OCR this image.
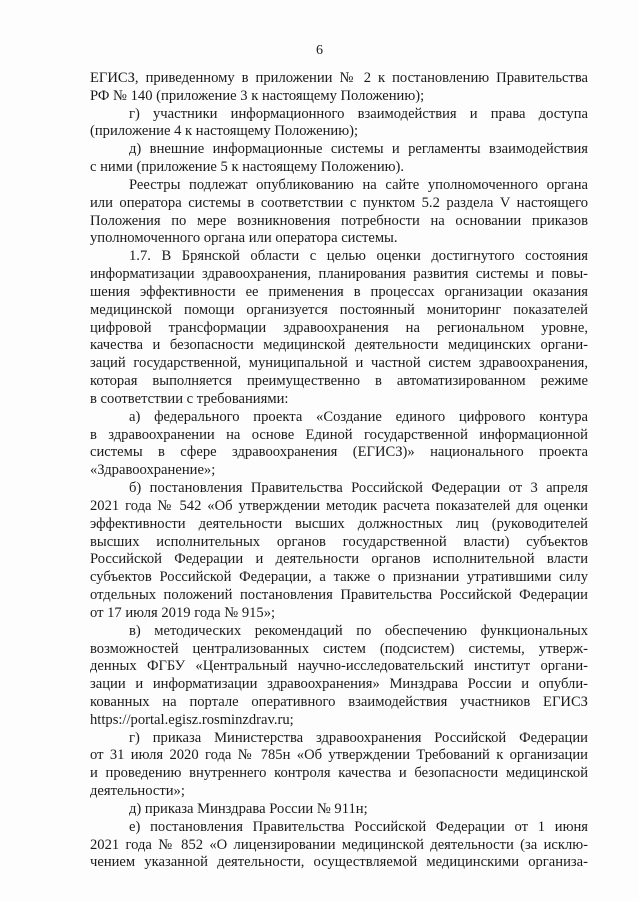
6
ЕГИСЗ, приведенному в приложении № 2 к постановлению Правительства
РФ № 140 (приложение 3 к настоящему Положению);
г) участники информационного взаимодействия и права доступа
(приложение 4 к настоящему Положению);
д) внешние информационные системы и регламенты взаимодействия
с ними (приложение 5 к настоящему Положению).
Реестры подлежат опубликованию на сайте уполномоченного органа
или оператора системы в соответствии с пунктом 5.2 раздела V настоящего
Положения по мере возникновения потребности на основании приказов
уполномоченного органа или оператора системы.
1.7. В Брянской области с целью оценки достигнутого состояния
информатизации здравоохранения, планирования развития системы и повы-
шения эффективности ее применения в процессах организации оказания
медицинской помощи организуется постоянный мониторинг показателей
цифровой трансформации здравоохранения на региональном уровне,
качества и безопасности медицинской деятельности медицинских органи-
заций государственной, муниципальной и частной систем здравоохранения,
которая выполняется преимущественно в автоматизированном режиме
в соответствии с требованиями:
а) федерального проекта «Создание единого цифрового контура
в здравоохранении на основе Единой государственной информационной
системы в сфере здравоохранения (ЕГИСЗ)» национального проекта
«Здравоохранение»;
б) постановления Правительства Российской Федерации от 3 апреля
2021 года № 542 «Об утверждении методик расчета показателей для оценки
эффективности деятельности высших должностных лиц (руководителей
высших исполнительных органов государственной власти) субъектов
Российской Федерации и деятельности органов исполнительной власти
субъектов Российской Федерации, а также о признании утратившими силу
отдельных положений постановления Правительства Российской Федерации
от 17 июля 2019 года № 915»;
в) методических рекомендаций по обеспечению функциональных
возможностей централизованных систем (подсистем) системы, утверж-
денных ФГБУ «Центральный научно-исследовательский институт органи-
зации и информатизации здравоохранения» Минздрава России и опубли-
кованных на портале оперативного взаимодействия участников ЕГИСЗ
https://portal.egisz.rosminzdrav.ru;
г) приказа Министерства здравоохранения Российской Федерации
от 31 июля 2020 года № 785н «Об утверждении Требований к организации
и проведению внутреннего контроля качества и безопасности медицинской
деятельности»;
д) приказа Минздрава России № 911н;
е) постановления Правительства Российской Федерации от 1 июня
2021 года № 852 «О лицензировании медицинской деятельности (за исклю-
чением указанной деятельности, осуществляемой медицинскими организа-
